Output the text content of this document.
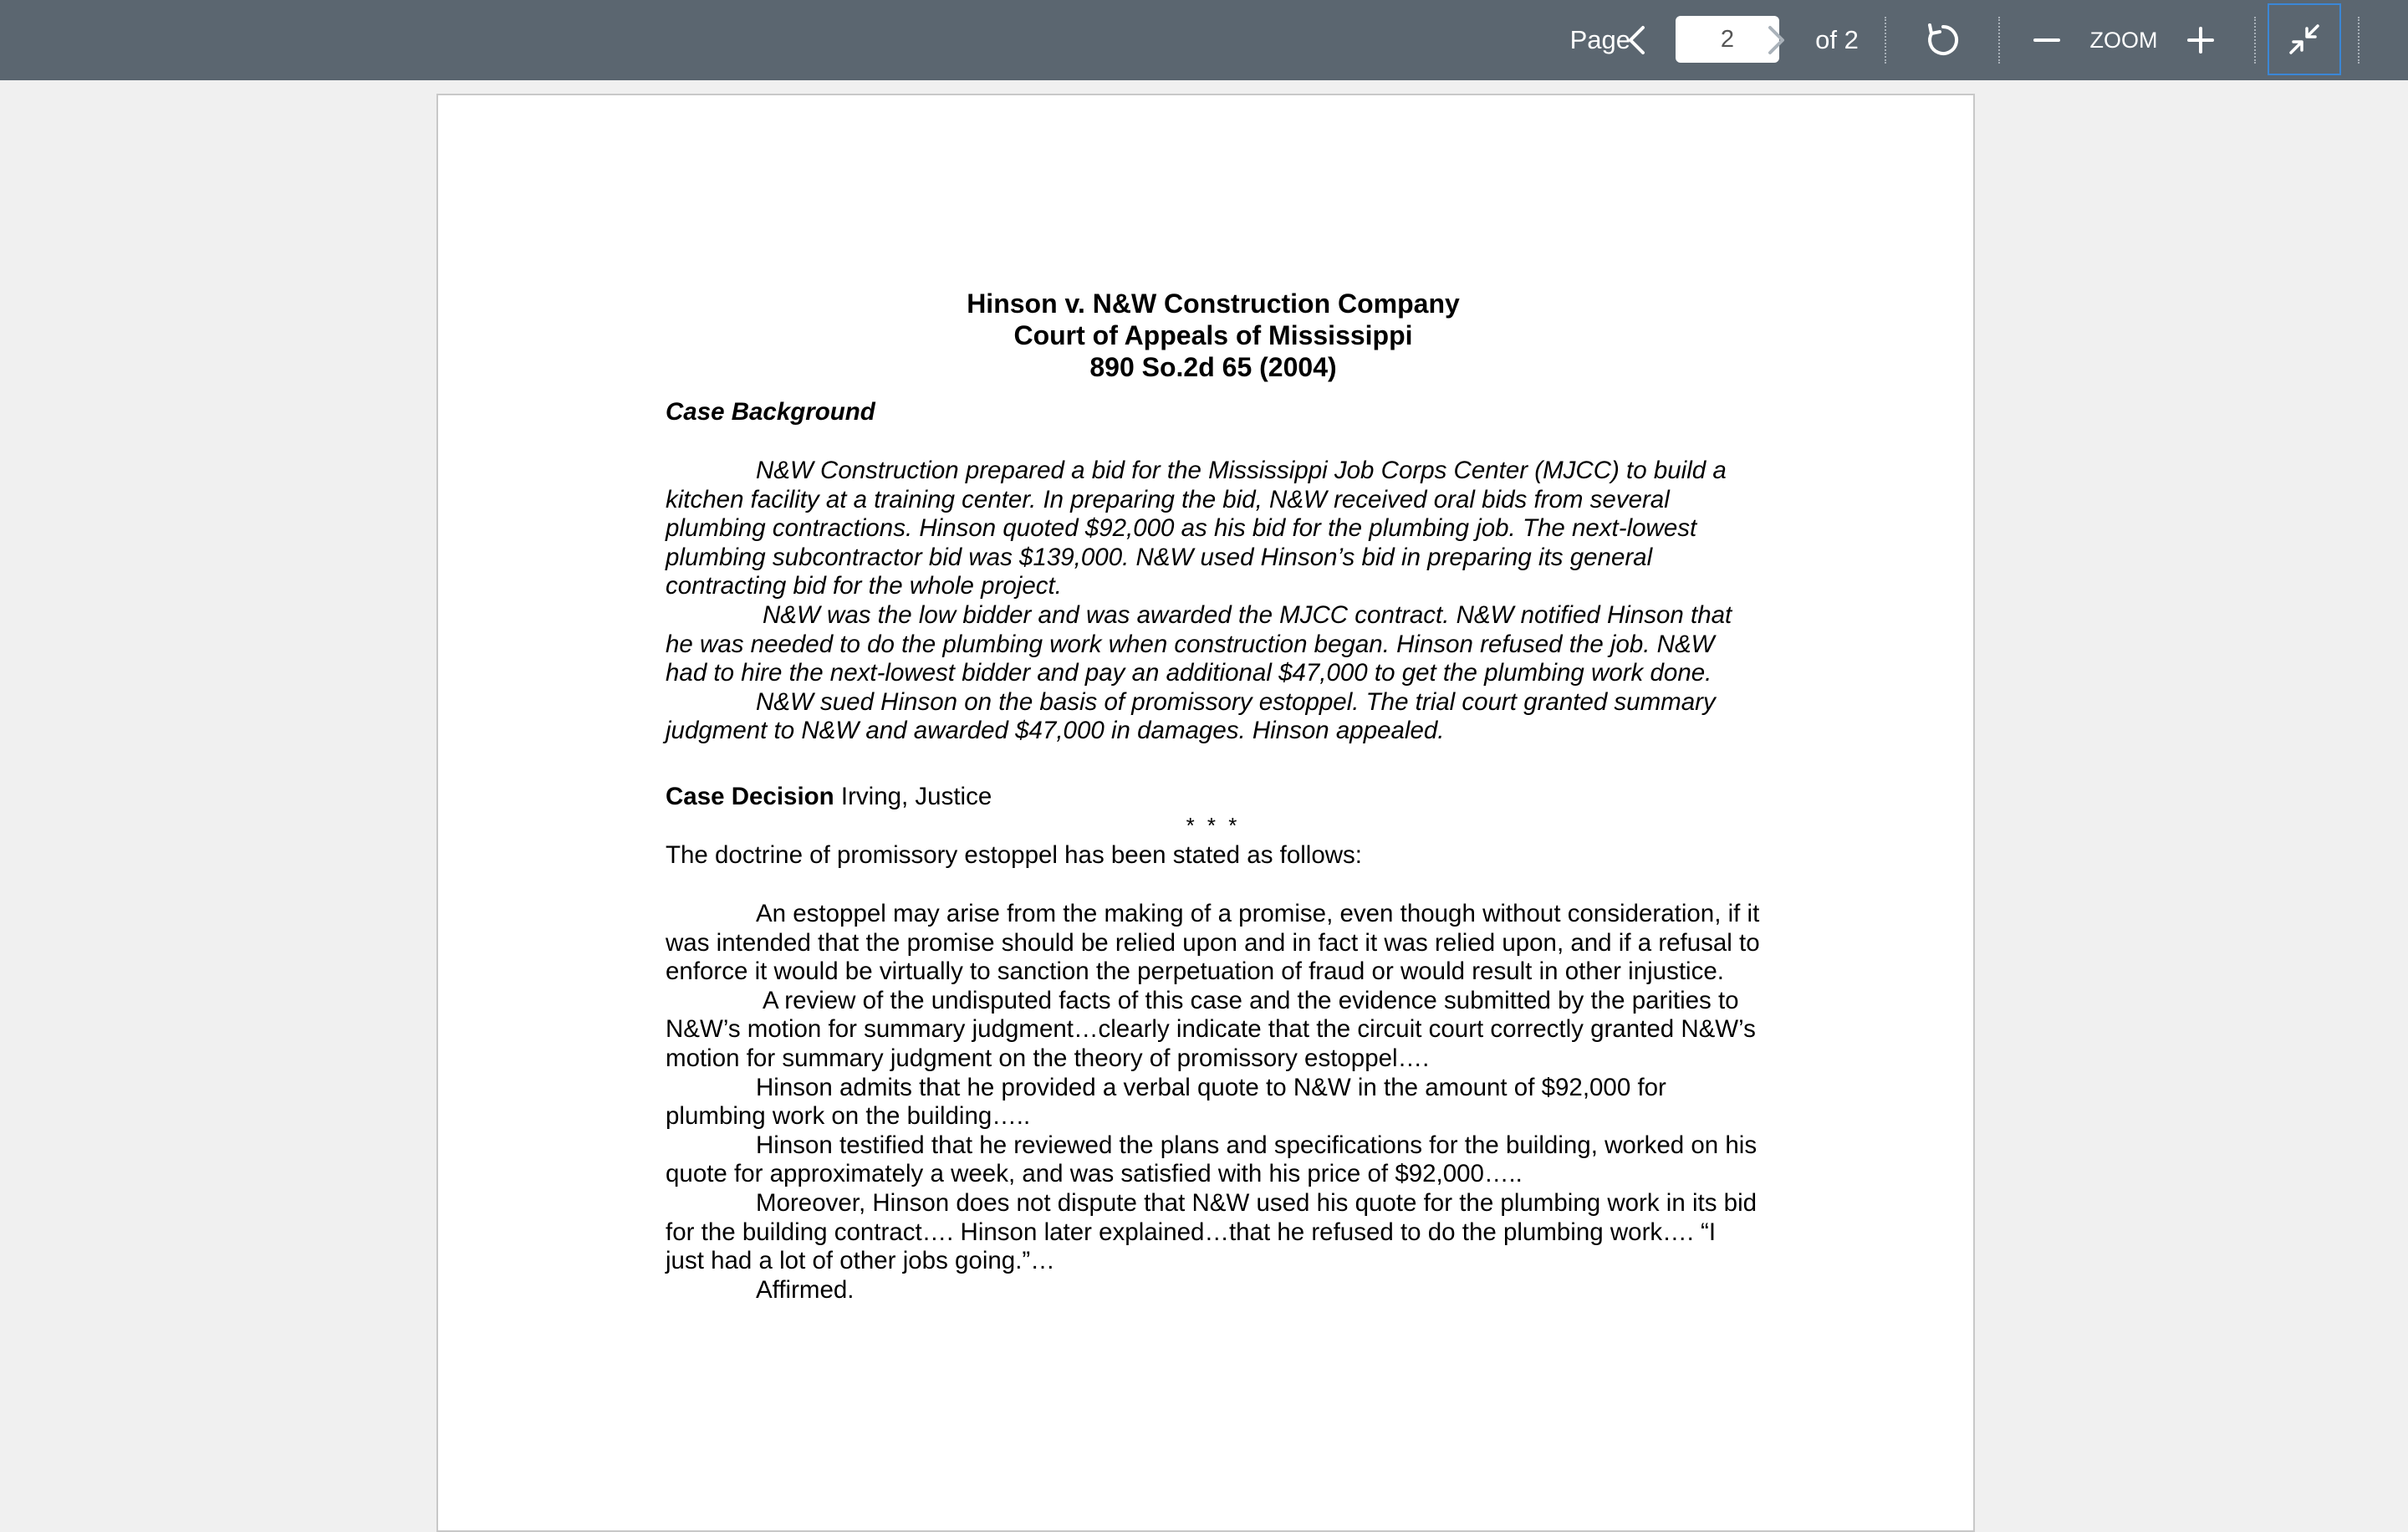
Page
2	of 2	ZOOM
Hinson v. N&W Construction Company
Court of Appeals of Mississippi
890 So.2d 65 (2004)
Case Background

N&W Construction prepared a bid for the Mississippi Job Corps Center (MJCC) to build a kitchen facility at a training center. In preparing the bid, N&W received oral bids from several plumbing contractions. Hinson quoted $92,000 as his bid for the plumbing job. The next-lowest plumbing subcontractor bid was $139,000. N&W used Hinson’s bid in preparing its general contracting bid for the whole project.

N&W was the low bidder and was awarded the MJCC contract. N&W notified Hinson that he was needed to do the plumbing work when construction began. Hinson refused the job. N&W had to hire the next-lowest bidder and pay an additional $47,000 to get the plumbing work done.

N&W sued Hinson on the basis of promissory estoppel. The trial court granted summary judgment to N&W and awarded $47,000 in damages. Hinson appealed.

Case Decision Irving, Justice
* * *
The doctrine of promissory estoppel has been stated as follows:

An estoppel may arise from the making of a promise, even though without consideration, if it was intended that the promise should be relied upon and in fact it was relied upon, and if a refusal to enforce it would be virtually to sanction the perpetuation of fraud or would result in other injustice.

A review of the undisputed facts of this case and the evidence submitted by the parities to N&W’s motion for summary judgment…clearly indicate that the circuit court correctly granted N&W’s motion for summary judgment on the theory of promissory estoppel….

Hinson admits that he provided a verbal quote to N&W in the amount of $92,000 for plumbing work on the building…..

Hinson testified that he reviewed the plans and specifications for the building, worked on his quote for approximately a week, and was satisfied with his price of $92,000…..

Moreover, Hinson does not dispute that N&W used his quote for the plumbing work in its bid for the building contract…. Hinson later explained…that he refused to do the plumbing work…. “I just had a lot of other jobs going.”…

Affirmed.
